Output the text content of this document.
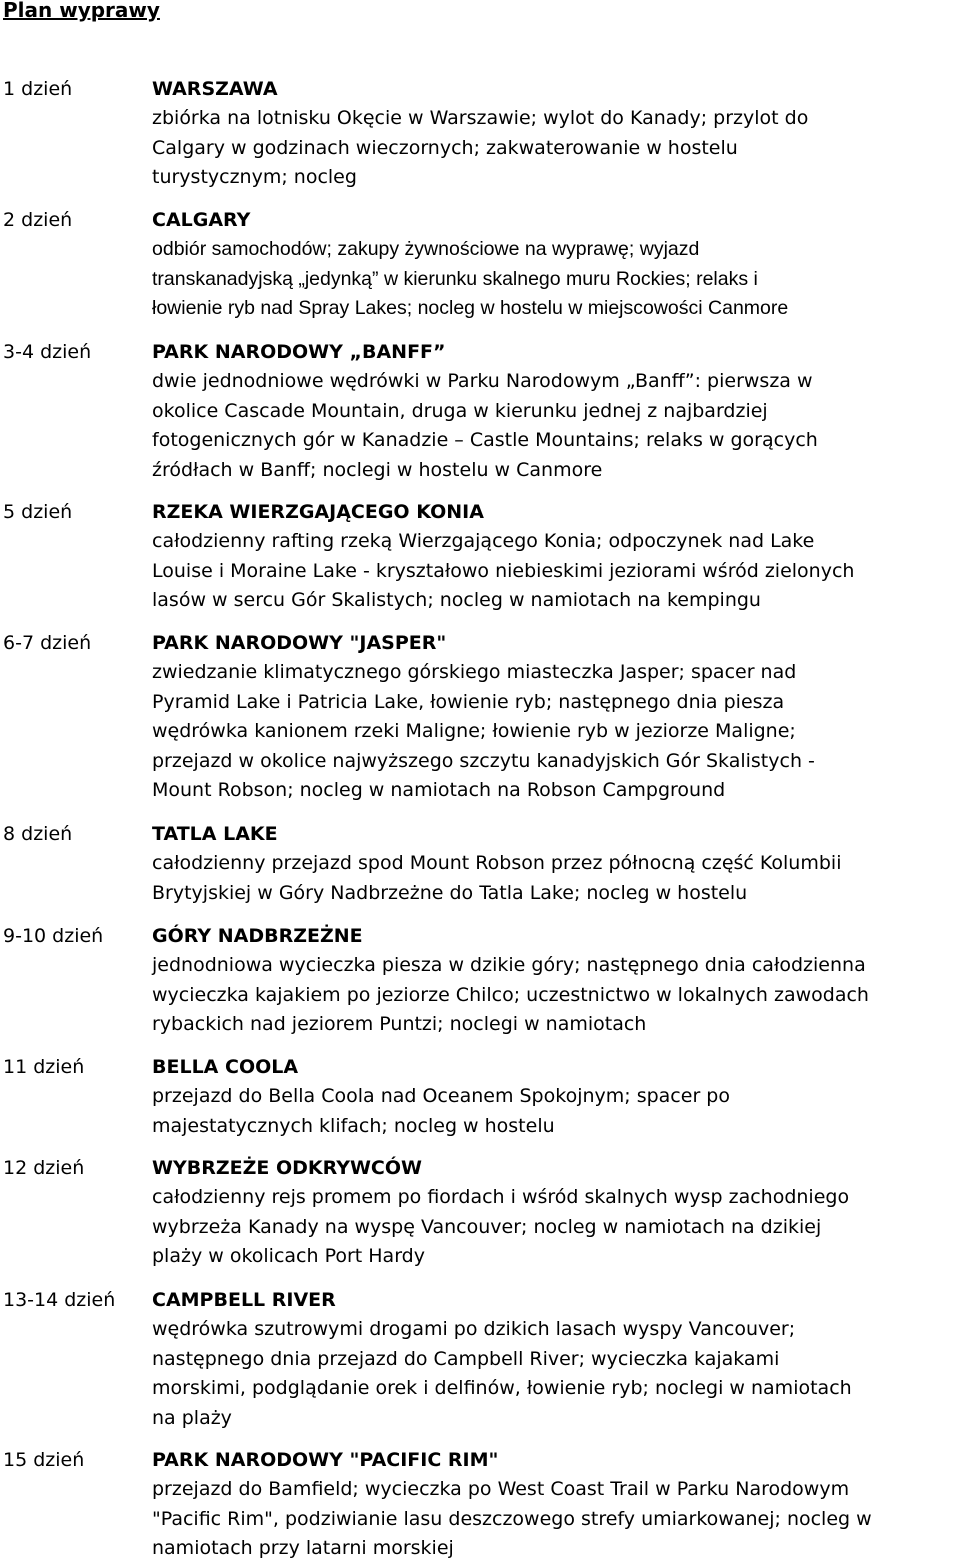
Plan wyprawy
1 dzień	WARSZAWA
zbiórka na lotnisku Okęcie w Warszawie; wylot do Kanady; przylot do
Calgary w godzinach wieczornych; zakwaterowanie w hostelu
turystycznym; nocleg
2 dzień	CALGARY
odbiór samochodów; zakupy żywnościowe na wyprawę; wyjazd
transkanadyjską „jedynką” w kierunku skalnego muru Rockies; relaks i
łowienie ryb nad Spray Lakes; nocleg w hostelu w miejscowości Canmore
3-4 dzień	PARK NARODOWY „BANFF”
dwie jednodniowe wędrówki w Parku Narodowym „Banff”: pierwsza w
okolice Cascade Mountain, druga w kierunku jednej z najbardziej
fotogenicznych gór w Kanadzie – Castle Mountains; relaks w gorących
źródłach w Banff; noclegi w hostelu w Canmore
5 dzień	RZEKA WIERZGAJĄCEGO KONIA
całodzienny rafting rzeką Wierzgającego Konia; odpoczynek nad Lake
Louise i Moraine Lake - kryształowo niebieskimi jeziorami wśród zielonych
lasów w sercu Gór Skalistych; nocleg w namiotach na kempingu
6-7 dzień	PARK NARODOWY "JASPER"
zwiedzanie klimatycznego górskiego miasteczka Jasper; spacer nad
Pyramid Lake i Patricia Lake, łowienie ryb; następnego dnia piesza
wędrówka kanionem rzeki Maligne; łowienie ryb w jeziorze Maligne;
przejazd w okolice najwyższego szczytu kanadyjskich Gór Skalistych -
Mount Robson; nocleg w namiotach na Robson Campground
8 dzień	TATLA LAKE
całodzienny przejazd spod Mount Robson przez północną część Kolumbii
Brytyjskiej w Góry Nadbrzeżne do Tatla Lake; nocleg w hostelu
9-10 dzień	GÓRY NADBRZEŻNE
jednodniowa wycieczka piesza w dzikie góry; następnego dnia całodzienna
wycieczka kajakiem po jeziorze Chilco; uczestnictwo w lokalnych zawodach
rybackich nad jeziorem Puntzi; noclegi w namiotach
11 dzień	BELLA COOLA
przejazd do Bella Coola nad Oceanem Spokojnym; spacer po
majestatycznych klifach; nocleg w hostelu
12 dzień	WYBRZEŻE ODKRYWCÓW
całodzienny rejs promem po fiordach i wśród skalnych wysp zachodniego
wybrzeża Kanady na wyspę Vancouver; nocleg w namiotach na dzikiej
plaży w okolicach Port Hardy
13-14 dzień CAMPBELL RIVER
wędrówka szutrowymi drogami po dzikich lasach wyspy Vancouver;
następnego dnia przejazd do Campbell River; wycieczka kajakami
morskimi, podglądanie orek i delfinów, łowienie ryb; noclegi w namiotach
na plaży
15 dzień	PARK NARODOWY "PACIFIC RIM"
przejazd do Bamfield; wycieczka po West Coast Trail w Parku Narodowym
"Pacific Rim", podziwianie lasu deszczowego strefy umiarkowanej; nocleg w
namiotach przy latarni morskiej
